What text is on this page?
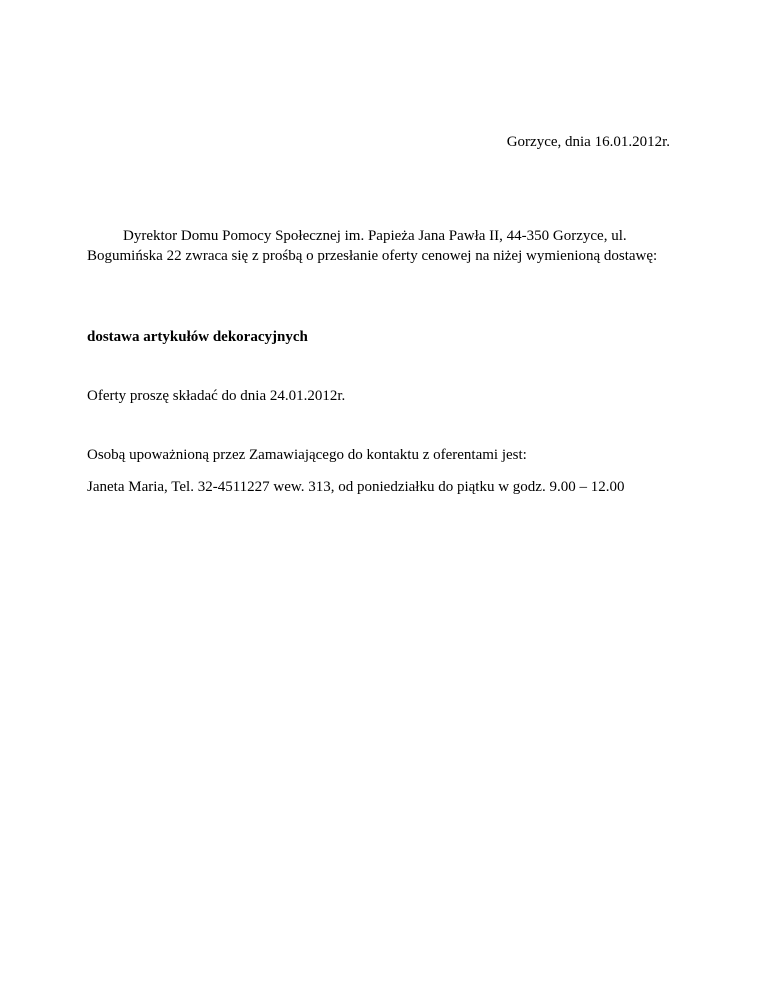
Gorzyce, dnia 16.01.2012r.

Dyrektor Domu Pomocy Społecznej im. Papieża Jana Pawła II, 44-350 Gorzyce, ul. Bogumińska 22 zwraca się z prośbą o przesłanie oferty cenowej na niżej wymienioną dostawę:

dostawa artykułów dekoracyjnych
Oferty proszę składać do dnia 24.01.2012r.
Osobą upoważnioną przez Zamawiającego do kontaktu z oferentami jest:
Janeta Maria, Tel. 32-4511227 wew. 313, od poniedziałku do piątku w godz. 9.00 – 12.00
